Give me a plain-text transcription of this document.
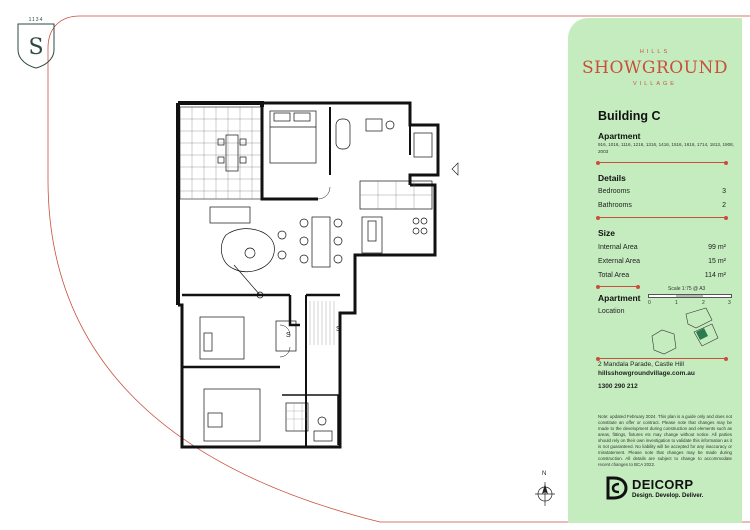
S
1134
S
S
N
HILLS
SHOWGROUND
VILLAGE
Building C
Apartment
916, 1016, 1116, 1216, 1316, 1416, 1516, 1616, 1714, 1813, 1908, 2003
Details
Bedrooms	3
Bathrooms	2
Size
Internal Area	99 m²
External Area	15 m²
Total Area	114 m²
Apartment
Location
Scale 1:75 @ A3
0	1	2	3
2 Mandala Parade, Castle Hill
hillsshowgroundvillage.com.au
1300 290 212
Note: updated February 2024. This plan is a guide only and does not constitute an offer or contract. Please note that changes may be made to the development during construction and elements such as areas, fittings, fixtures etc may change without notice. All parties should rely on their own investigation to validate this information as it is not guaranteed. No liability will be accepted for any inaccuracy or misstatement. Please note that changes may be made during construction. All details are subject to change to accommodate recent changes to BCA 2022.
DEICORP
Design. Develop. Deliver.
